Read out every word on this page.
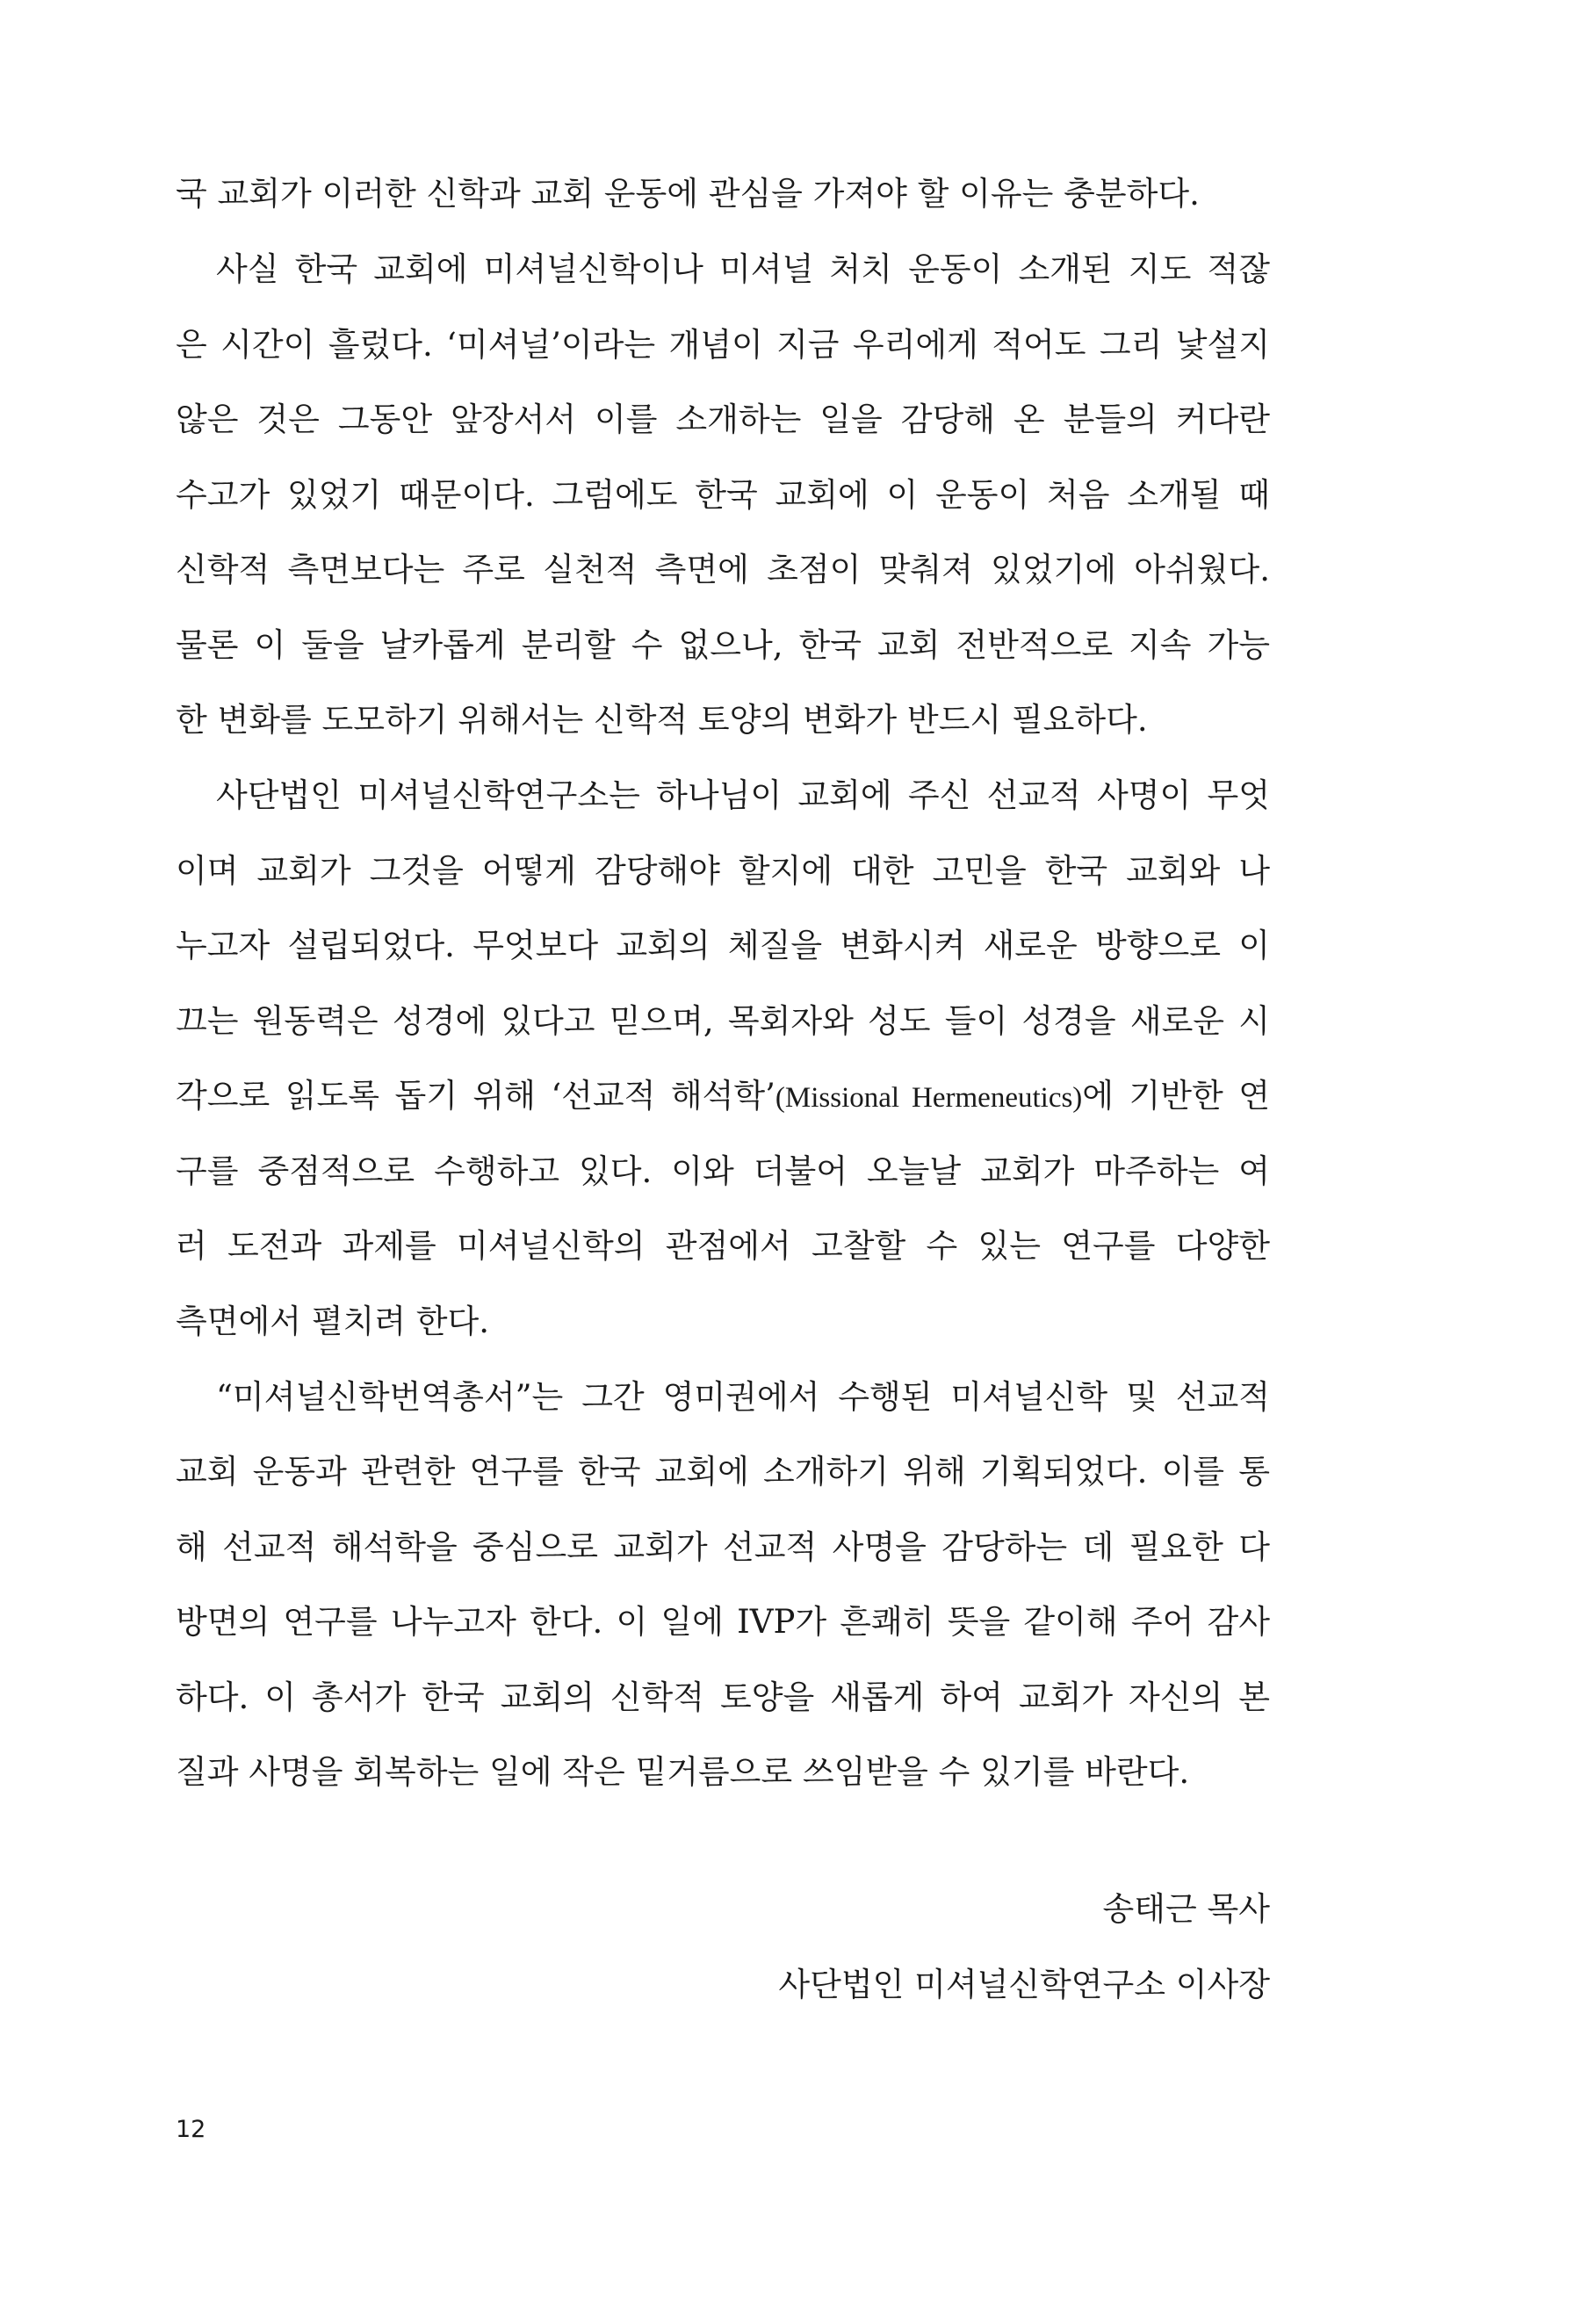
국 교회가 이러한 신학과 교회 운동에 관심을 가져야 할 이유는 충분하다.
사실 한국 교회에 미셔널신학이나 미셔널 처치 운동이 소개된 지도 적잖
은 시간이 흘렀다. ‘미셔널’이라는 개념이 지금 우리에게 적어도 그리 낯설지
않은 것은 그동안 앞장서서 이를 소개하는 일을 감당해 온 분들의 커다란
수고가 있었기 때문이다. 그럼에도 한국 교회에 이 운동이 처음 소개될 때
신학적 측면보다는 주로 실천적 측면에 초점이 맞춰져 있었기에 아쉬웠다.
물론 이 둘을 날카롭게 분리할 수 없으나, 한국 교회 전반적으로 지속 가능
한 변화를 도모하기 위해서는 신학적 토양의 변화가 반드시 필요하다.
사단법인 미셔널신학연구소는 하나님이 교회에 주신 선교적 사명이 무엇
이며 교회가 그것을 어떻게 감당해야 할지에 대한 고민을 한국 교회와 나
누고자 설립되었다. 무엇보다 교회의 체질을 변화시켜 새로운 방향으로 이
끄는 원동력은 성경에 있다고 믿으며, 목회자와 성도 들이 성경을 새로운 시
각으로 읽도록 돕기 위해 ‘선교적 해석학’(Missional Hermeneutics)에 기반한 연
구를 중점적으로 수행하고 있다. 이와 더불어 오늘날 교회가 마주하는 여
러 도전과 과제를 미셔널신학의 관점에서 고찰할 수 있는 연구를 다양한
측면에서 펼치려 한다.
“미셔널신학번역총서”는 그간 영미권에서 수행된 미셔널신학 및 선교적
교회 운동과 관련한 연구를 한국 교회에 소개하기 위해 기획되었다. 이를 통
해 선교적 해석학을 중심으로 교회가 선교적 사명을 감당하는 데 필요한 다
방면의 연구를 나누고자 한다. 이 일에 IVP가 흔쾌히 뜻을 같이해 주어 감사
하다. 이 총서가 한국 교회의 신학적 토양을 새롭게 하여 교회가 자신의 본
질과 사명을 회복하는 일에 작은 밑거름으로 쓰임받을 수 있기를 바란다.
송태근 목사
사단법인 미셔널신학연구소 이사장
12
